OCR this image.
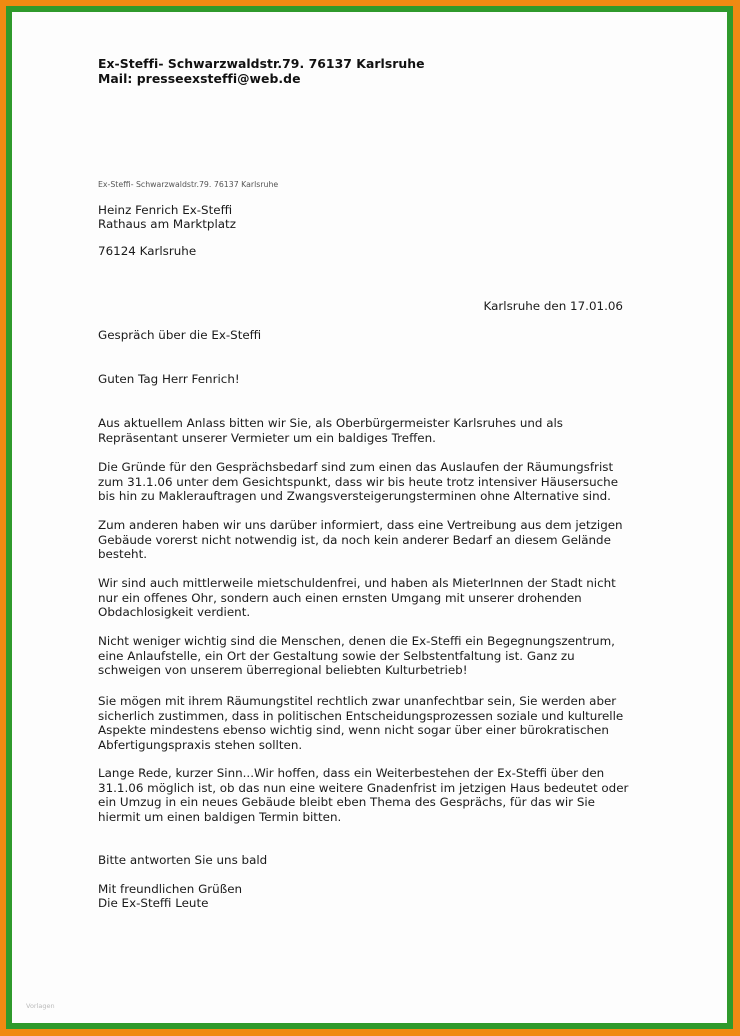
Ex-Steffi- Schwarzwaldstr.79. 76137 Karlsruhe

Mail: presseexsteffi@web.de

Ex-Steffi- Schwarzwaldstr.79. 76137 Karlsruhe

Heinz Fenrich Ex-Steffi

Rathaus am Marktplatz

76124 Karlsruhe

Karlsruhe den 17.01.06

Gespräch über die Ex-Steffi

Guten Tag Herr Fenrich!

Aus aktuellem Anlass bitten wir Sie, als Oberbürgermeister Karlsruhes und als
Repräsentant unserer Vermieter um ein baldiges Treffen.
Die Gründe für den Gesprächsbedarf sind zum einen das Auslaufen der Räumungsfrist
zum 31.1.06 unter dem Gesichtspunkt, dass wir bis heute trotz intensiver Häusersuche
bis hin zu Maklerauftragen und Zwangsversteigerungsterminen ohne Alternative sind.
Zum anderen haben wir uns darüber informiert, dass eine Vertreibung aus dem jetzigen
Gebäude vorerst nicht notwendig ist, da noch kein anderer Bedarf an diesem Gelände
besteht.
Wir sind auch mittlerweile mietschuldenfrei, und haben als MieterInnen der Stadt nicht
nur ein offenes Ohr, sondern auch einen ernsten Umgang mit unserer drohenden
Obdachlosigkeit verdient.
Nicht weniger wichtig sind die Menschen, denen die Ex-Steffi ein Begegnungszentrum,
eine Anlaufstelle, ein Ort der Gestaltung sowie der Selbstentfaltung ist. Ganz zu
schweigen von unserem überregional beliebten Kulturbetrieb!
Sie mögen mit ihrem Räumungstitel rechtlich zwar unanfechtbar sein, Sie werden aber
sicherlich zustimmen, dass in politischen Entscheidungsprozessen soziale und kulturelle
Aspekte mindestens ebenso wichtig sind, wenn nicht sogar über einer bürokratischen
Abfertigungspraxis stehen sollten.
Lange Rede, kurzer Sinn...Wir hoffen, dass ein Weiterbestehen der Ex-Steffi über den
31.1.06 möglich ist, ob das nun eine weitere Gnadenfrist im jetzigen Haus bedeutet oder
ein Umzug in ein neues Gebäude bleibt eben Thema des Gesprächs, für das wir Sie
hiermit um einen baldigen Termin bitten.

Bitte antworten Sie uns bald

Mit freundlichen Grüßen

Die Ex-Steffi Leute

Vorlagen
